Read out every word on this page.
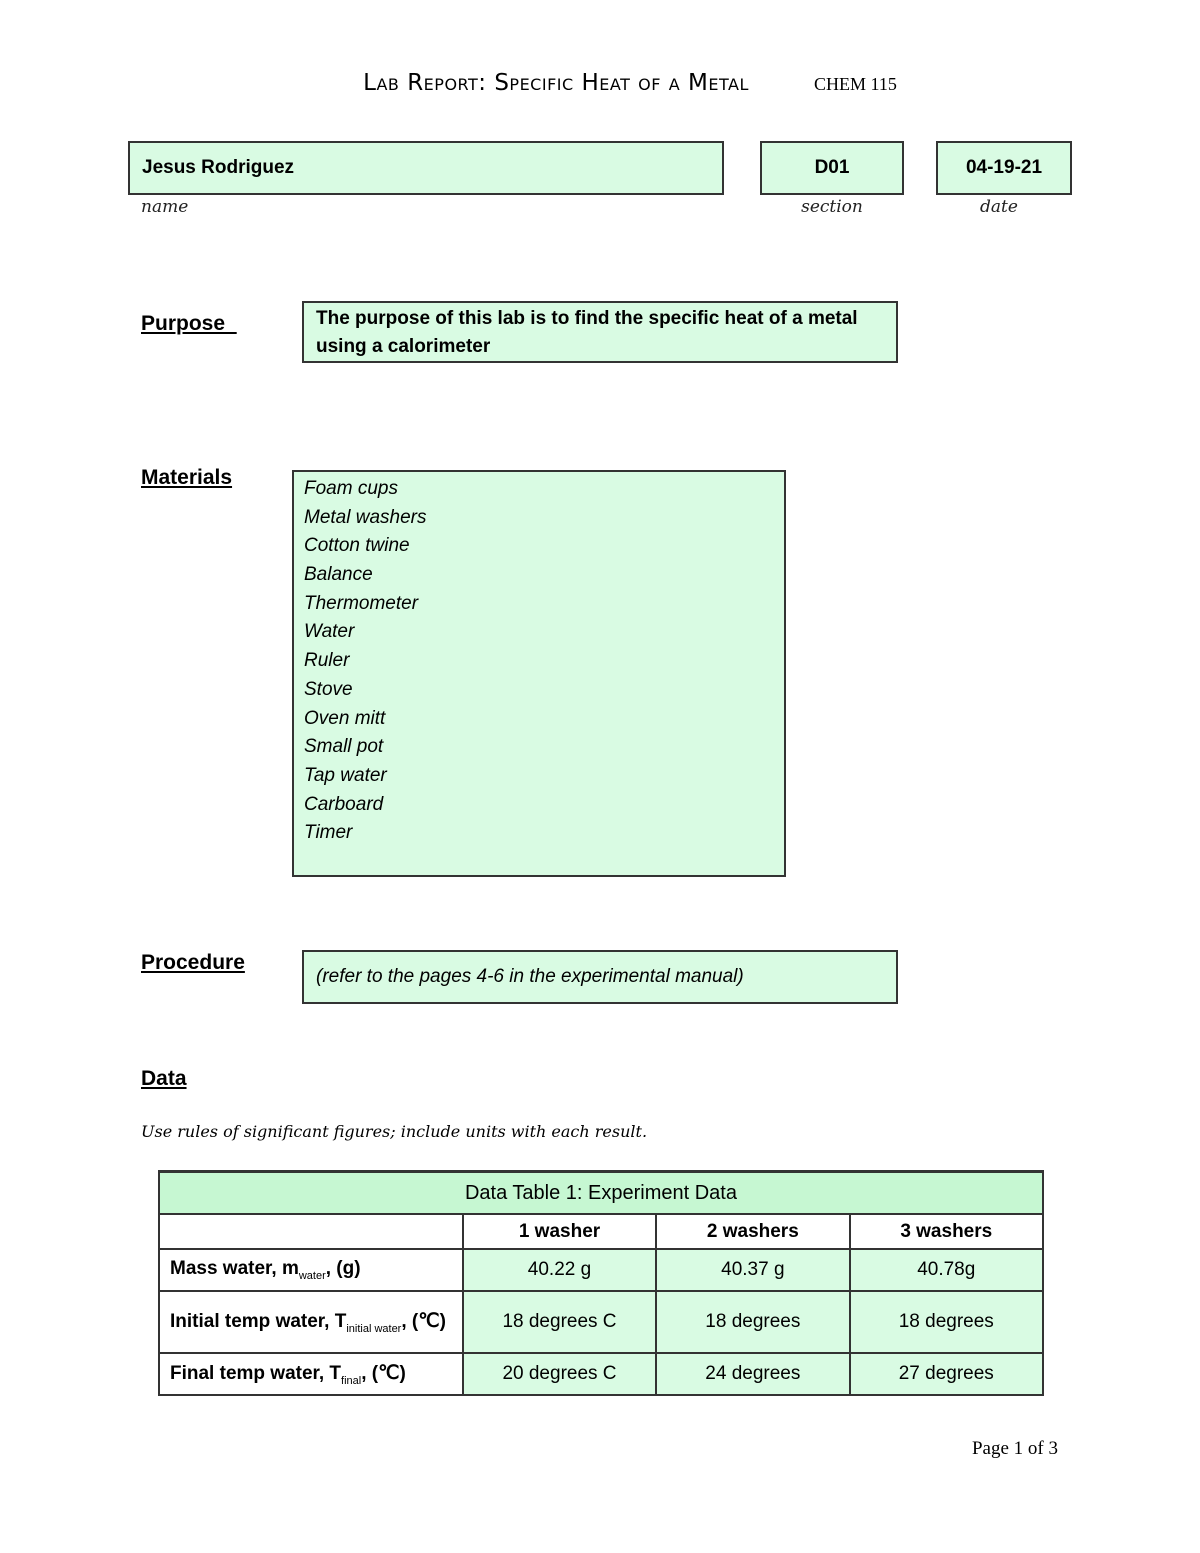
Lab Report: Specific Heat of a Metal	CHEM 115
Jesus Rodriguez
name
D01
section
04-19-21
date
Purpose	The purpose of this lab is to find the specific heat of a metal using a calorimeter
Materials	Foam cups
Metal washers
Cotton twine
Balance
Thermometer
Water
Ruler
Stove
Oven mitt
Small pot
Tap water
Carboard
Timer
Procedure
(refer to the pages 4-6 in the experimental manual)
Data
Use rules of significant figures; include units with each result.
Data Table 1: Experiment Data			
	1 washer	2 washers	3 washers
Mass water, $m_{water}$, (g)	40.22 g	40.37 g	40.78g
Initial temp water, $T_{initial water}$, (℃)	18 degrees C	18 degrees	18 degrees
Final temp water, $T_{final}$, (℃)	20 degrees C	24 degrees	27 degrees
Page 1 of 3
